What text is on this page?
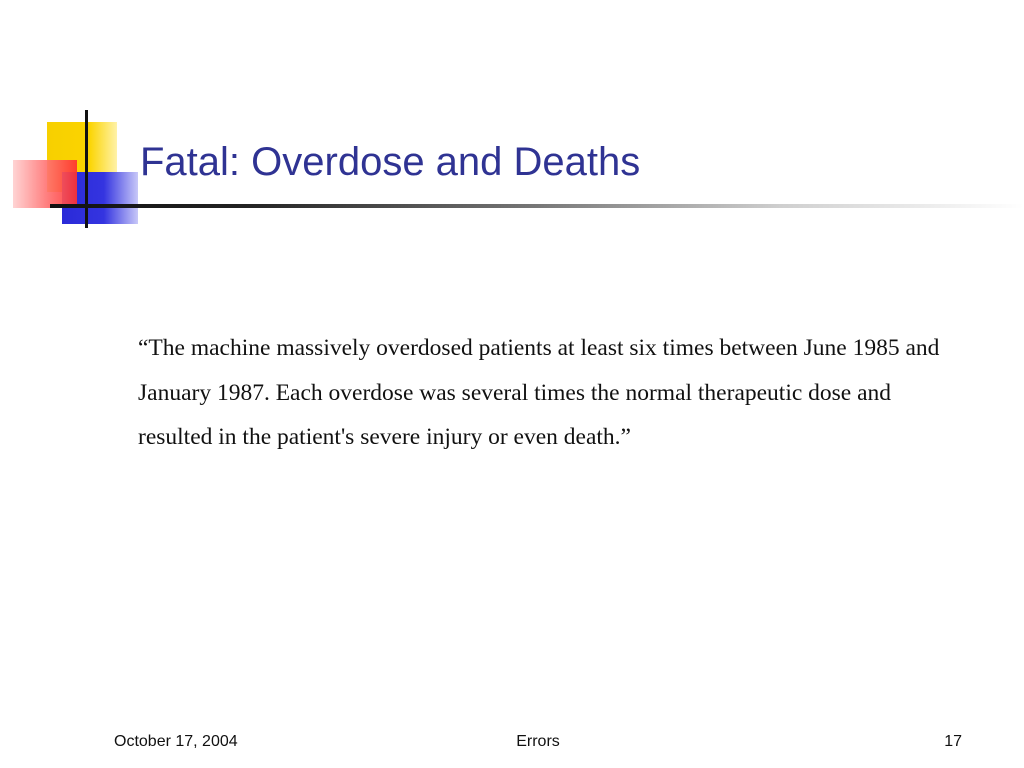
Fatal: Overdose and Deaths

“The machine massively overdosed patients at least six times between June 1985 and January 1987. Each overdose was several times the normal therapeutic dose and resulted in the patient's severe injury or even death.”

October 17, 2004	Errors	17
